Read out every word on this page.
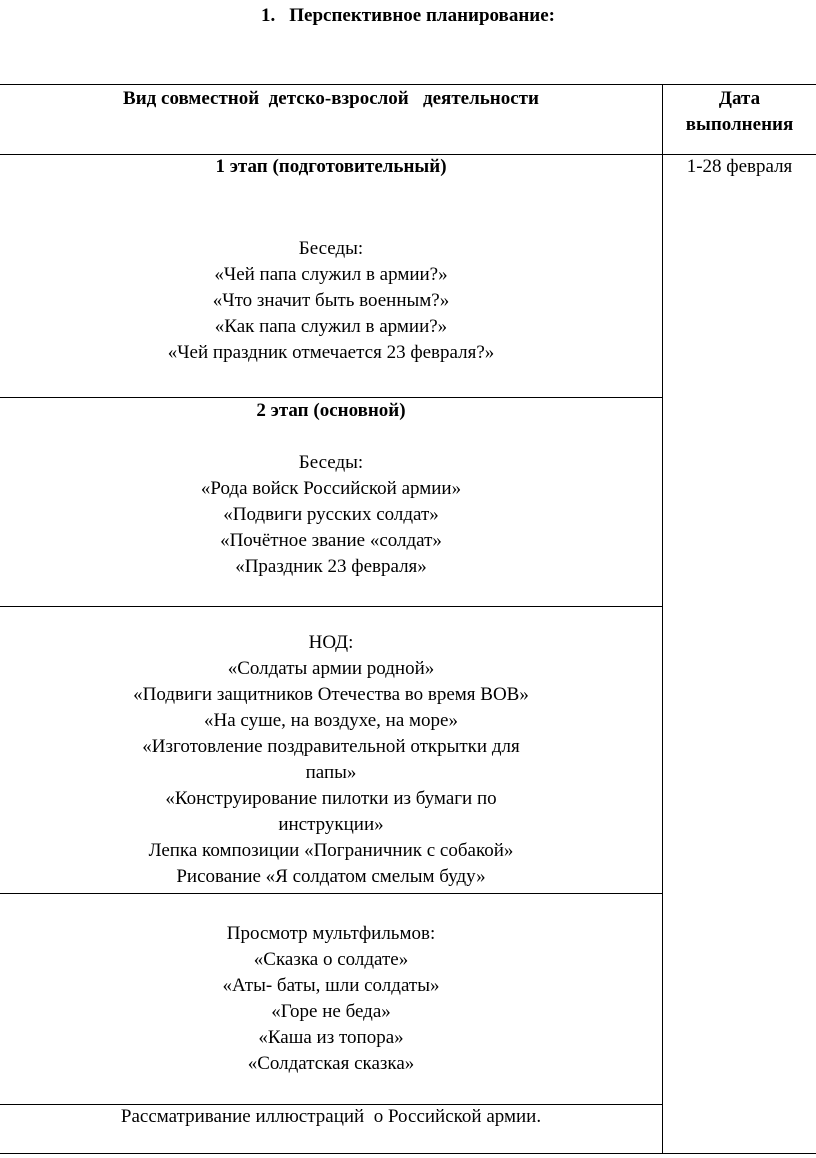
1. Перспективное планирование:
Вид совместной  детско-взрослой   деятельности	Дата
выполнения
1-28 февраля
1 этап (подготовительный)
Беседы:
«Чей папа служил в армии?»
«Что значит быть военным?»
«Как папа служил в армии?»
«Чей праздник отмечается 23 февраля?»
2 этап (основной)
Беседы:
«Рода войск Российской армии»
«Подвиги русских солдат»
«Почётное звание «солдат»
«Праздник 23 февраля»
НОД:
«Солдаты армии родной»
«Подвиги защитников Отечества во время ВОВ»
«На суше, на воздухе, на море»
«Изготовление поздравительной открытки для
папы»
«Конструирование пилотки из бумаги по
инструкции»
Лепка композиции «Пограничник с собакой»
Рисование «Я солдатом смелым буду»
Просмотр мультфильмов:
«Сказка о солдате»
«Аты- баты, шли солдаты»
«Горе не беда»
«Каша из топора»
«Солдатская сказка»
Рассматривание иллюстраций  о Российской армии.
